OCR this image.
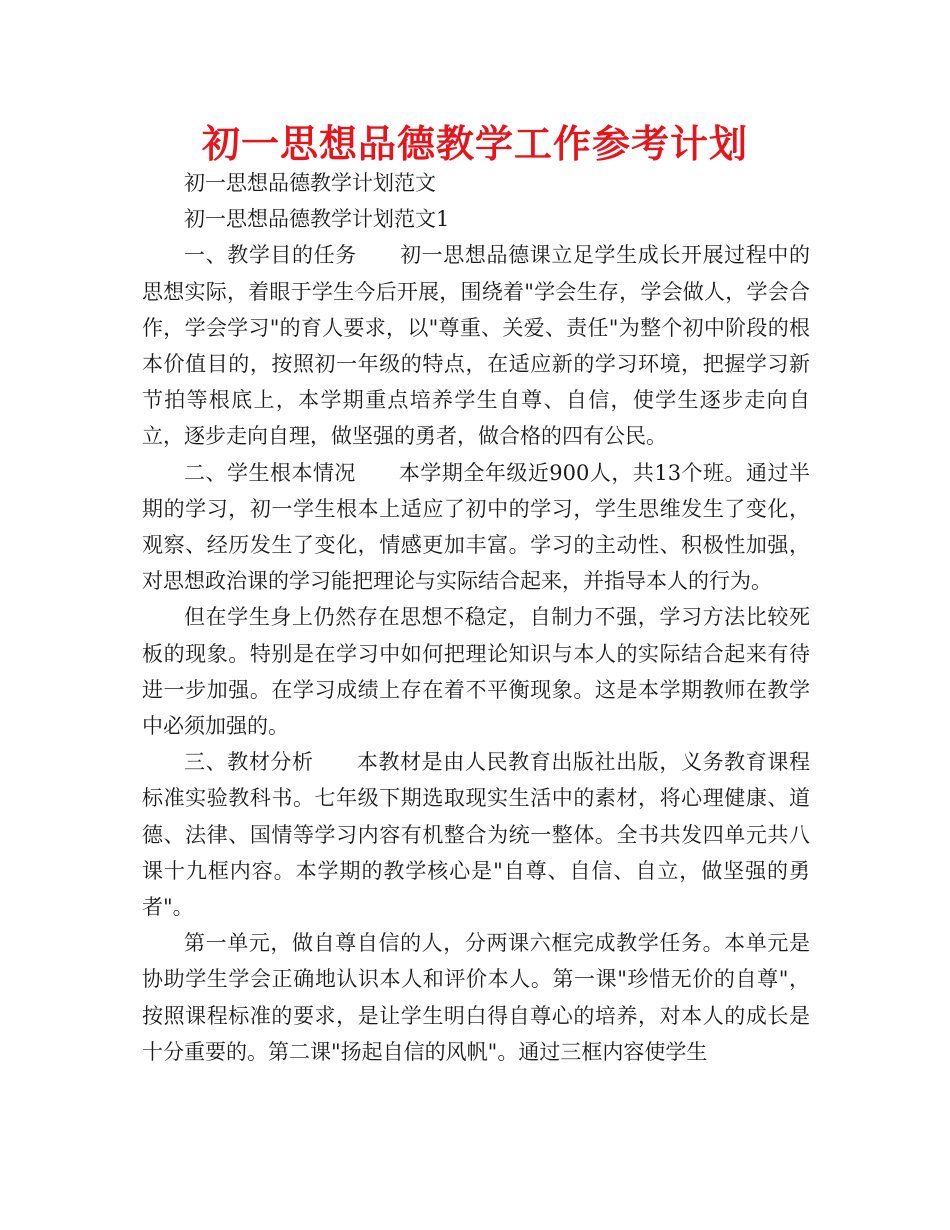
初一思想品德教学工作参考计划

初一思想品德教学计划范文

初一思想品德教学计划范文1

一、教学目的任务　　初一思想品德课立足学生成长开展过程中的思想实际，着眼于学生今后开展，围绕着"学会生存，学会做人，学会合作，学会学习"的育人要求，以"尊重、关爱、责任"为整个初中阶段的根本价值目的，按照初一年级的特点，在适应新的学习环境，把握学习新节拍等根底上，本学期重点培养学生自尊、自信，使学生逐步走向自立，逐步走向自理，做坚强的勇者，做合格的四有公民。

二、学生根本情况　　本学期全年级近900人，共13个班。通过半期的学习，初一学生根本上适应了初中的学习，学生思维发生了变化，观察、经历发生了变化，情感更加丰富。学习的主动性、积极性加强，对思想政治课的学习能把理论与实际结合起来，并指导本人的行为。

但在学生身上仍然存在思想不稳定，自制力不强，学习方法比较死板的现象。特别是在学习中如何把理论知识与本人的实际结合起来有待进一步加强。在学习成绩上存在着不平衡现象。这是本学期教师在教学中必须加强的。

三、教材分析　　本教材是由人民教育出版社出版，义务教育课程标准实验教科书。七年级下期选取现实生活中的素材，将心理健康、道德、法律、国情等学习内容有机整合为统一整体。全书共发四单元共八课十九框内容。本学期的教学核心是"自尊、自信、自立，做坚强的勇者"。

第一单元，做自尊自信的人，分两课六框完成教学任务。本单元是协助学生学会正确地认识本人和评价本人。第一课"珍惜无价的自尊"，按照课程标准的要求，是让学生明白得自尊心的培养，对本人的成长是十分重要的。第二课"扬起自信的风帆"。通过三框内容使学生
